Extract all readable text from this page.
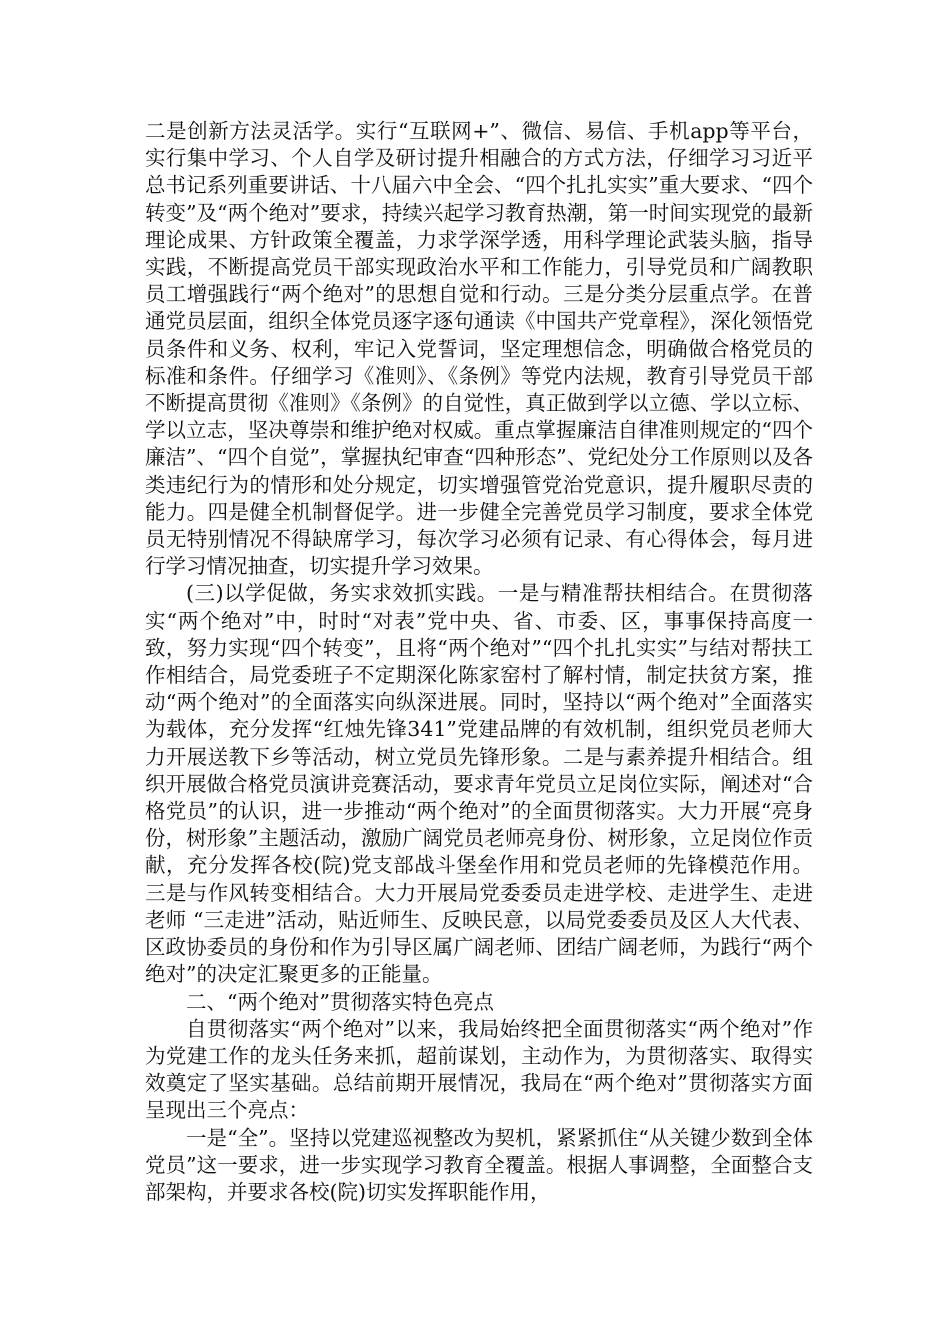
二是创新方法灵活学。实行“互联网+”、微信、易信、手机app等平台，实行集中学习、个人自学及研讨提升相融合的方式方法，仔细学习习近平总书记系列重要讲话、十八届六中全会、“四个扎扎实实”重大要求、“四个转变”及“两个绝对”要求，持续兴起学习教育热潮，第一时间实现党的最新理论成果、方针政策全覆盖，力求学深学透，用科学理论武装头脑，指导实践，不断提高党员干部实现政治水平和工作能力，引导党员和广阔教职员工增强践行“两个绝对”的思想自觉和行动。三是分类分层重点学。在普通党员层面，组织全体党员逐字逐句通读《中国共产党章程》，深化领悟党员条件和义务、权利，牢记入党誓词，坚定理想信念，明确做合格党员的标准和条件。仔细学习《准则》、《条例》等党内法规，教育引导党员干部不断提高贯彻《准则》《条例》的自觉性，真正做到学以立德、学以立标、学以立志，坚决尊崇和维护绝对权威。重点掌握廉洁自律准则规定的“四个廉洁”、“四个自觉”，掌握执纪审查“四种形态”、党纪处分工作原则以及各类违纪行为的情形和处分规定，切实增强管党治党意识，提升履职尽责的能力。四是健全机制督促学。进一步健全完善党员学习制度，要求全体党员无特别情况不得缺席学习，每次学习必须有记录、有心得体会，每月进行学习情况抽查，切实提升学习效果。

(三)以学促做，务实求效抓实践。一是与精准帮扶相结合。在贯彻落实“两个绝对”中，时时“对表”党中央、省、市委、区，事事保持高度一致，努力实现“四个转变”，且将“两个绝对”“四个扎扎实实”与结对帮扶工作相结合，局党委班子不定期深化陈家窑村了解村情，制定扶贫方案，推动“两个绝对”的全面落实向纵深进展。同时，坚持以“两个绝对”全面落实为载体，充分发挥“红烛先锋341”党建品牌的有效机制，组织党员老师大力开展送教下乡等活动，树立党员先锋形象。二是与素养提升相结合。组织开展做合格党员演讲竞赛活动，要求青年党员立足岗位实际，阐述对“合格党员”的认识，进一步推动“两个绝对”的全面贯彻落实。大力开展“亮身份，树形象”主题活动，激励广阔党员老师亮身份、树形象，立足岗位作贡献，充分发挥各校(院)党支部战斗堡垒作用和党员老师的先锋模范作用。三是与作风转变相结合。大力开展局党委委员走进学校、走进学生、走进老师 “三走进”活动，贴近师生、反映民意，以局党委委员及区人大代表、区政协委员的身份和作为引导区属广阔老师、团结广阔老师，为践行“两个绝对”的决定汇聚更多的正能量。

二、“两个绝对”贯彻落实特色亮点

自贯彻落实“两个绝对”以来，我局始终把全面贯彻落实“两个绝对”作为党建工作的龙头任务来抓，超前谋划，主动作为，为贯彻落实、取得实效奠定了坚实基础。总结前期开展情况，我局在“两个绝对”贯彻落实方面呈现出三个亮点：

一是“全”。坚持以党建巡视整改为契机，紧紧抓住“从关键少数到全体党员”这一要求，进一步实现学习教育全覆盖。根据人事调整，全面整合支部架构，并要求各校(院)切实发挥职能作用，
